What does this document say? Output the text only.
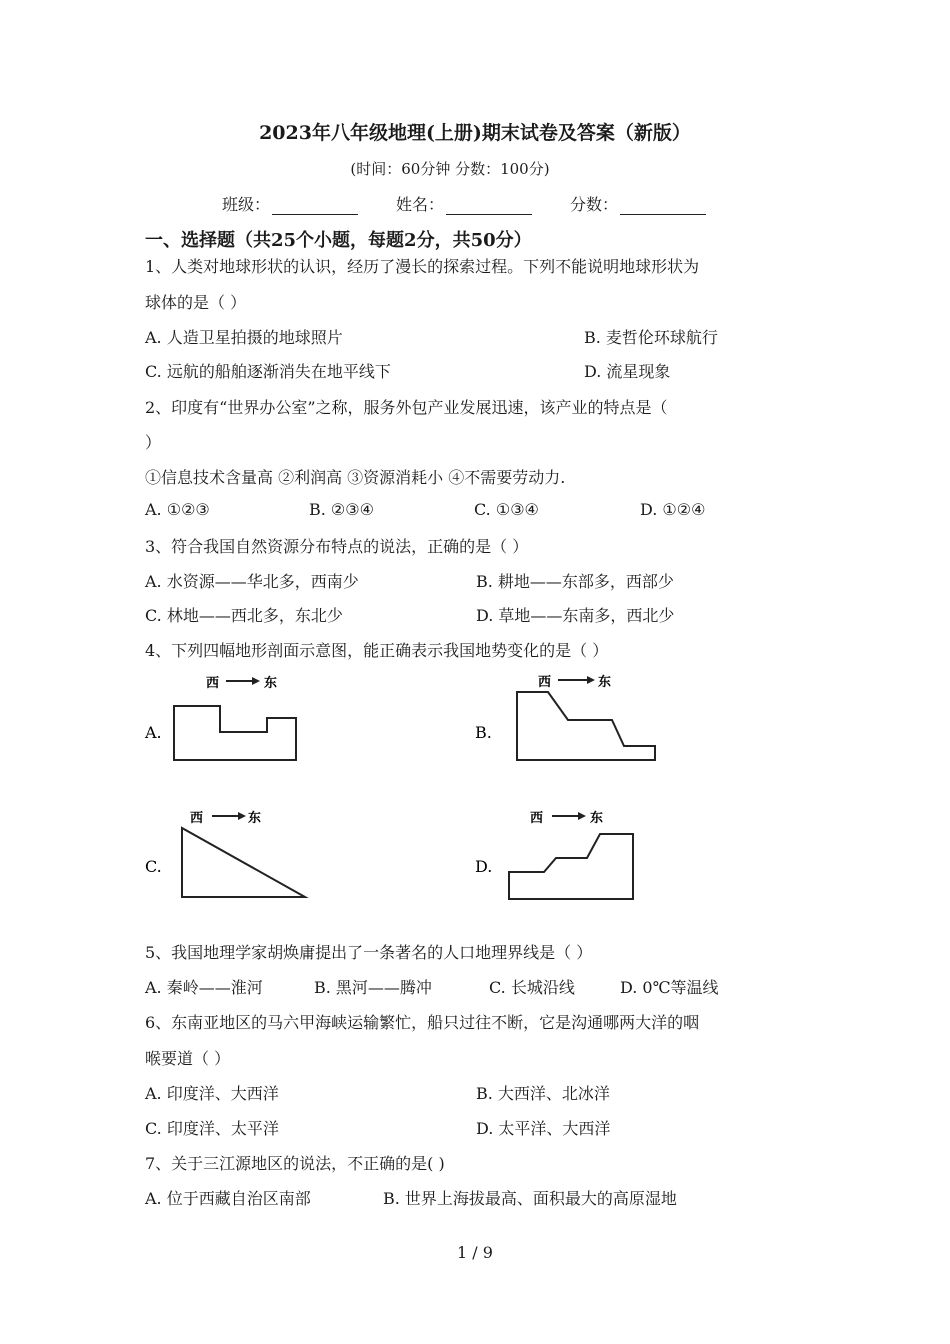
2023年八年级地理(上册)期末试卷及答案（新版）
(时间：60分钟 分数：100分)
班级：	姓名：	分数：
一、选择题（共25个小题，每题2分，共50分）
1、人类对地球形状的认识，经历了漫长的探索过程。下列不能说明地球形状为
球体的是（ ）
A. 人造卫星拍摄的地球照片	B. 麦哲伦环球航行
C. 远航的船舶逐渐消失在地平线下	D. 流星现象
2、印度有“世界办公室”之称，服务外包产业发展迅速，该产业的特点是（
）
①信息技术含量高 ②利润高 ③资源消耗小 ④不需要劳动力.
A. ①②③	B. ②③④	C. ①③④	D. ①②④
3、符合我国自然资源分布特点的说法，正确的是（ ）
A. 水资源——华北多，西南少	B. 耕地——东部多，西部少
C. 林地——西北多，东北少	D. 草地——东南多，西北少
4、下列四幅地形剖面示意图，能正确表示我国地势变化的是（ ）
西	东
A.
西	东
B.
西	东
C.
西	东
D.
5、我国地理学家胡焕庸提出了一条著名的人口地理界线是（ ）
A. 秦岭——淮河	B. 黑河——腾冲	C. 长城沿线	D. 0℃等温线
6、东南亚地区的马六甲海峡运输繁忙，船只过往不断，它是沟通哪两大洋的咽
喉要道（ ）
A. 印度洋、大西洋	B. 大西洋、北冰洋
C. 印度洋、太平洋	D. 太平洋、大西洋
7、关于三江源地区的说法，不正确的是( )
A. 位于西藏自治区南部	B. 世界上海拔最高、面积最大的高原湿地
1 / 9
